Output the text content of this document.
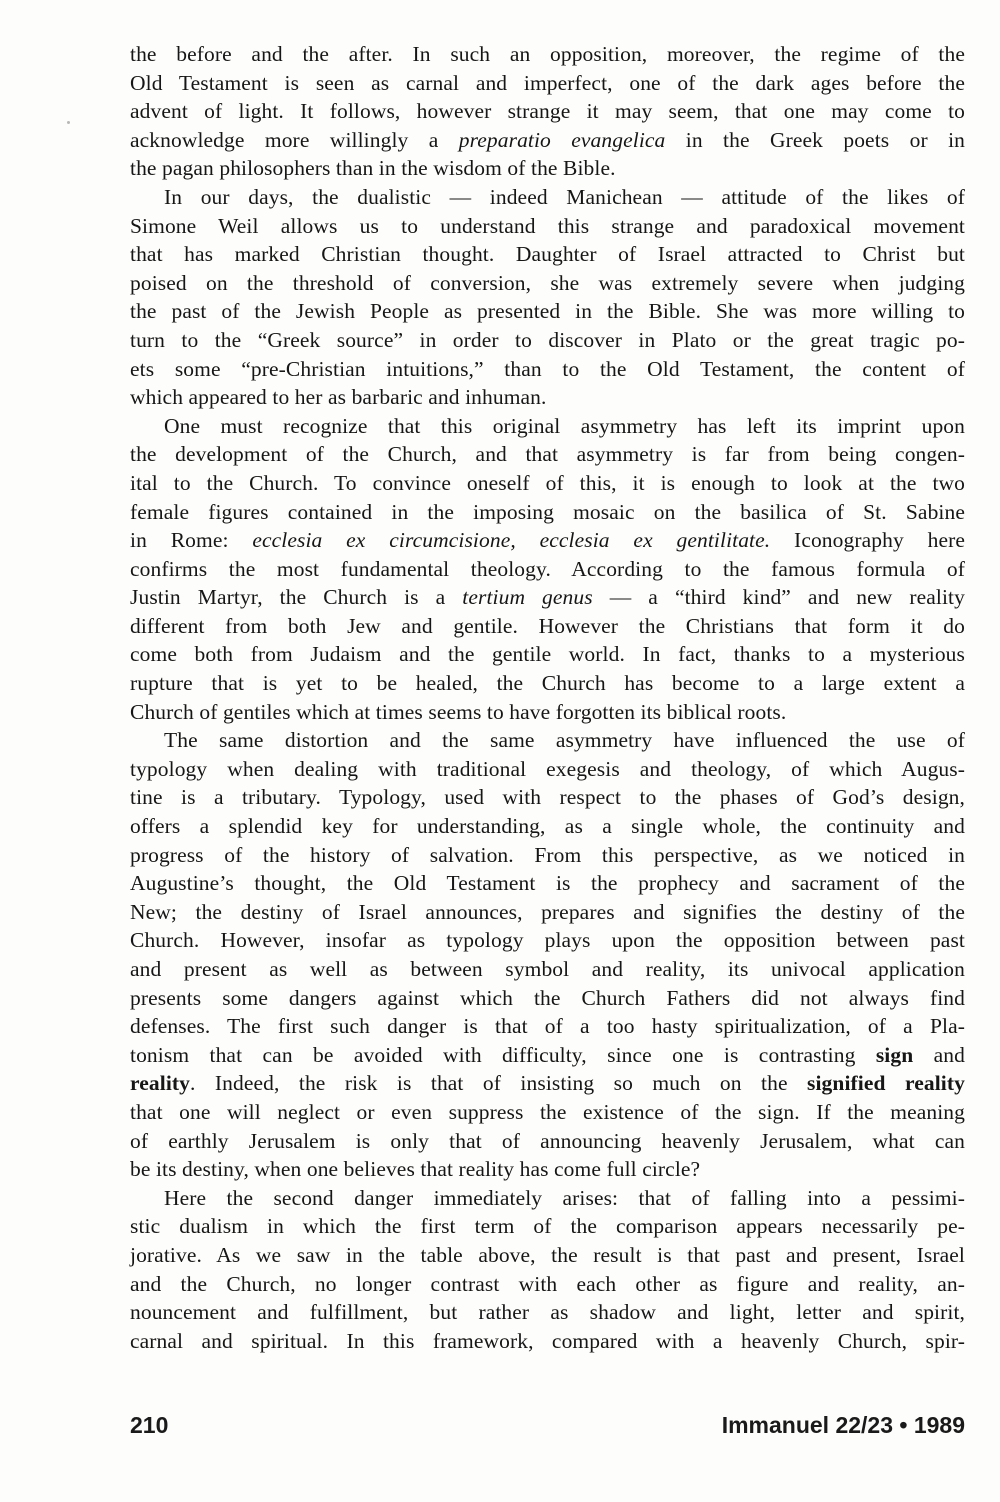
the before and the after. In such an opposition, moreover, the regime of the
Old Testament is seen as carnal and imperfect, one of the dark ages before the
advent of light. It follows, however strange it may seem, that one may come to
acknowledge more willingly a preparatio evangelica in the Greek poets or in
the pagan philosophers than in the wisdom of the Bible.
In our days, the dualistic — indeed Manichean — attitude of the likes of
Simone Weil allows us to understand this strange and paradoxical movement
that has marked Christian thought. Daughter of Israel attracted to Christ but
poised on the threshold of conversion, she was extremely severe when judging
the past of the Jewish People as presented in the Bible. She was more willing to
turn to the “Greek source” in order to discover in Plato or the great tragic po-
ets some “pre-Christian intuitions,” than to the Old Testament, the content of
which appeared to her as barbaric and inhuman.
One must recognize that this original asymmetry has left its imprint upon
the development of the Church, and that asymmetry is far from being congen-
ital to the Church. To convince oneself of this, it is enough to look at the two
female figures contained in the imposing mosaic on the basilica of St. Sabine
in Rome: ecclesia ex circumcisione, ecclesia ex gentilitate. Iconography here
confirms the most fundamental theology. According to the famous formula of
Justin Martyr, the Church is a tertium genus — a “third kind” and new reality
different from both Jew and gentile. However the Christians that form it do
come both from Judaism and the gentile world. In fact, thanks to a mysterious
rupture that is yet to be healed, the Church has become to a large extent a
Church of gentiles which at times seems to have forgotten its biblical roots.
The same distortion and the same asymmetry have influenced the use of
typology when dealing with traditional exegesis and theology, of which Augus-
tine is a tributary. Typology, used with respect to the phases of God’s design,
offers a splendid key for understanding, as a single whole, the continuity and
progress of the history of salvation. From this perspective, as we noticed in
Augustine’s thought, the Old Testament is the prophecy and sacrament of the
New; the destiny of Israel announces, prepares and signifies the destiny of the
Church. However, insofar as typology plays upon the opposition between past
and present as well as between symbol and reality, its univocal application
presents some dangers against which the Church Fathers did not always find
defenses. The first such danger is that of a too hasty spiritualization, of a Pla-
tonism that can be avoided with difficulty, since one is contrasting sign and
reality. Indeed, the risk is that of insisting so much on the signified reality
that one will neglect or even suppress the existence of the sign. If the meaning
of earthly Jerusalem is only that of announcing heavenly Jerusalem, what can
be its destiny, when one believes that reality has come full circle?
Here the second danger immediately arises: that of falling into a pessimi-
stic dualism in which the first term of the comparison appears necessarily pe-
jorative. As we saw in the table above, the result is that past and present, Israel
and the Church, no longer contrast with each other as figure and reality, an-
nouncement and fulfillment, but rather as shadow and light, letter and spirit,
carnal and spiritual. In this framework, compared with a heavenly Church, spir-
210	Immanuel 22/23 • 1989
